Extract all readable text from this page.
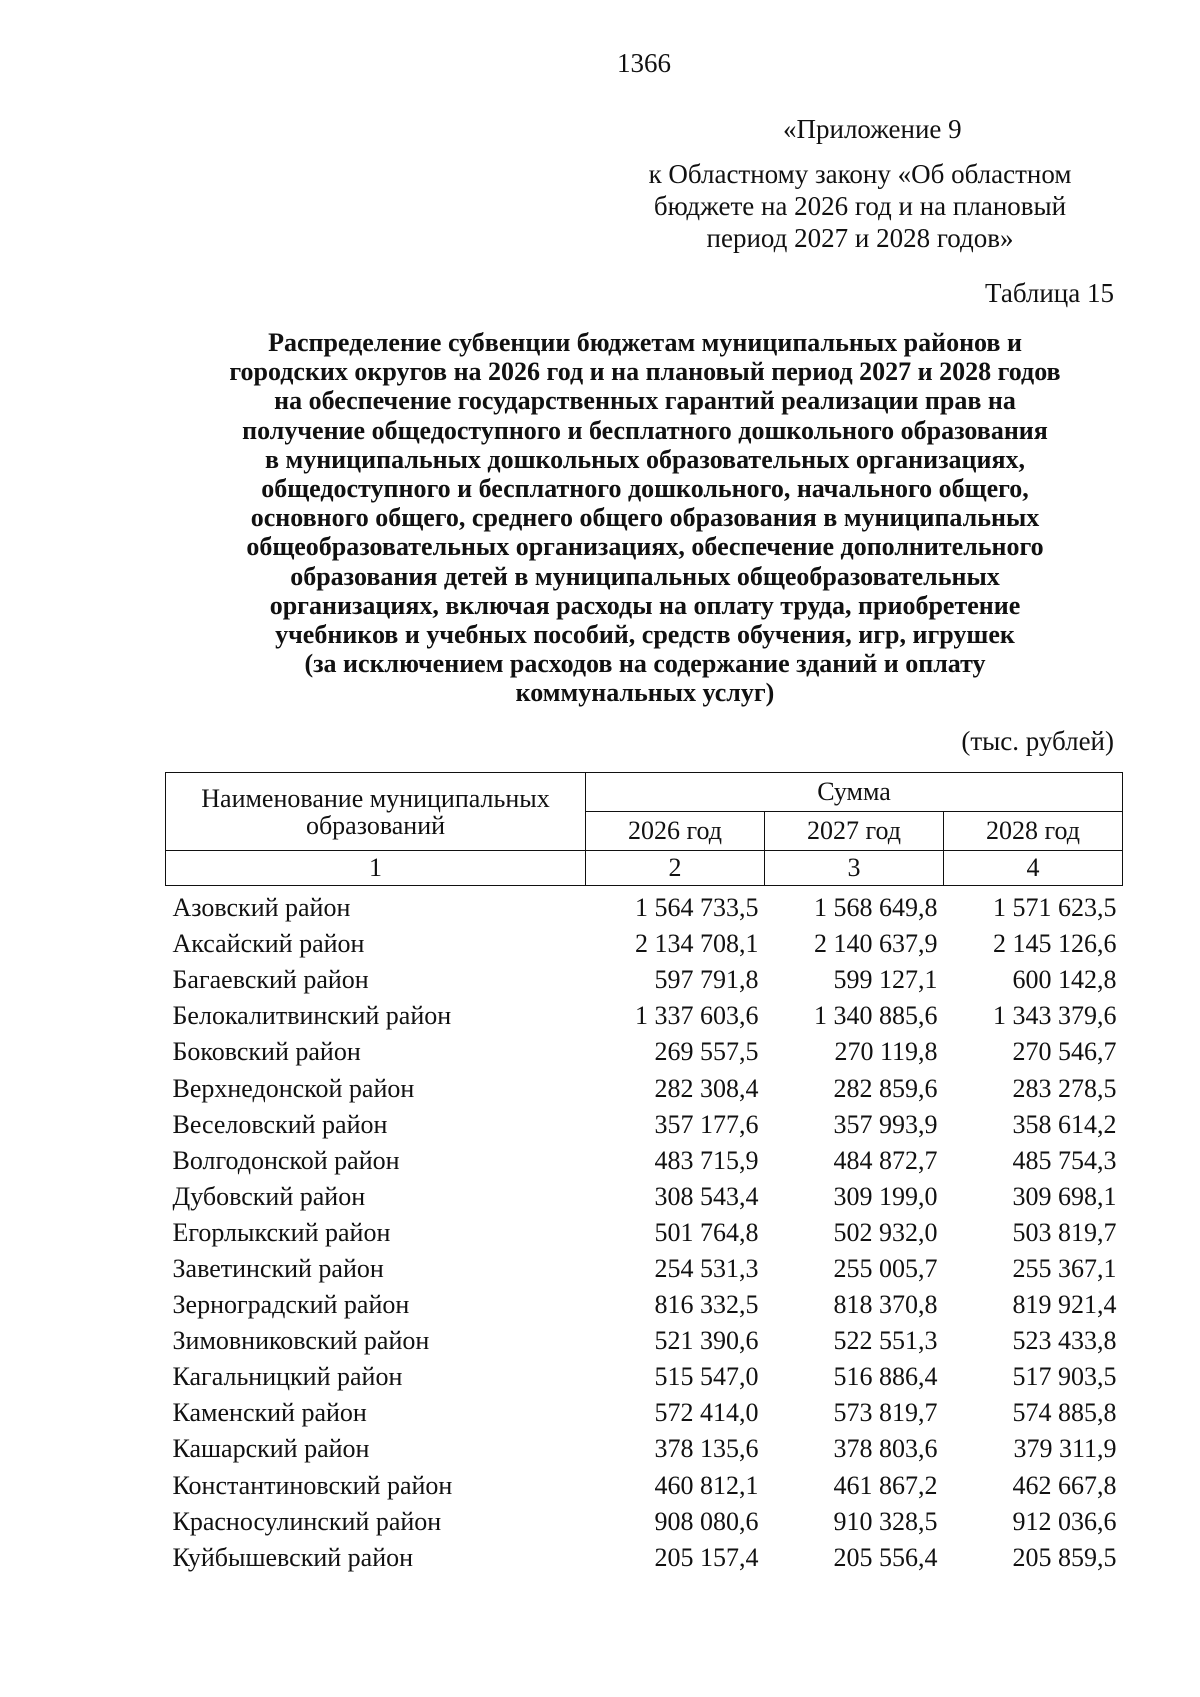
1366
«Приложение 9
к Областному закону «Об областном
бюджете на 2026 год и на плановый
период 2027 и 2028 годов»
Таблица 15
Распределение субвенции бюджетам муниципальных районов и
городских округов на 2026 год и на плановый период 2027 и 2028 годов
на обеспечение государственных гарантий реализации прав на
получение общедоступного и бесплатного дошкольного образования
в муниципальных дошкольных образовательных организациях,
общедоступного и бесплатного дошкольного, начального общего,
основного общего, среднего общего образования в муниципальных
общеобразовательных организациях, обеспечение дополнительного
образования детей в муниципальных общеобразовательных
организациях, включая расходы на оплату труда, приобретение
учебников и учебных пособий, средств обучения, игр, игрушек
(за исключением расходов на содержание зданий и оплату
коммунальных услуг)
(тыс. рублей)
Наименование муниципальных образований	Сумма		
	2026 год	2027 год	2028 год
1	2	3	4

Азовский район	1 564 733,5	1 568 649,8	1 571 623,5
Аксайский район	2 134 708,1	2 140 637,9	2 145 126,6
Багаевский район	597 791,8	599 127,1	600 142,8
Белокалитвинский район	1 337 603,6	1 340 885,6	1 343 379,6
Боковский район	269 557,5	270 119,8	270 546,7
Верхнедонской район	282 308,4	282 859,6	283 278,5
Веселовский район	357 177,6	357 993,9	358 614,2
Волгодонской район	483 715,9	484 872,7	485 754,3
Дубовский район	308 543,4	309 199,0	309 698,1
Егорлыкский район	501 764,8	502 932,0	503 819,7
Заветинский район	254 531,3	255 005,7	255 367,1
Зерноградский район	816 332,5	818 370,8	819 921,4
Зимовниковский район	521 390,6	522 551,3	523 433,8
Кагальницкий район	515 547,0	516 886,4	517 903,5
Каменский район	572 414,0	573 819,7	574 885,8
Кашарский район	378 135,6	378 803,6	379 311,9
Константиновский район	460 812,1	461 867,2	462 667,8
Красносулинский район	908 080,6	910 328,5	912 036,6
Куйбышевский район	205 157,4	205 556,4	205 859,5
